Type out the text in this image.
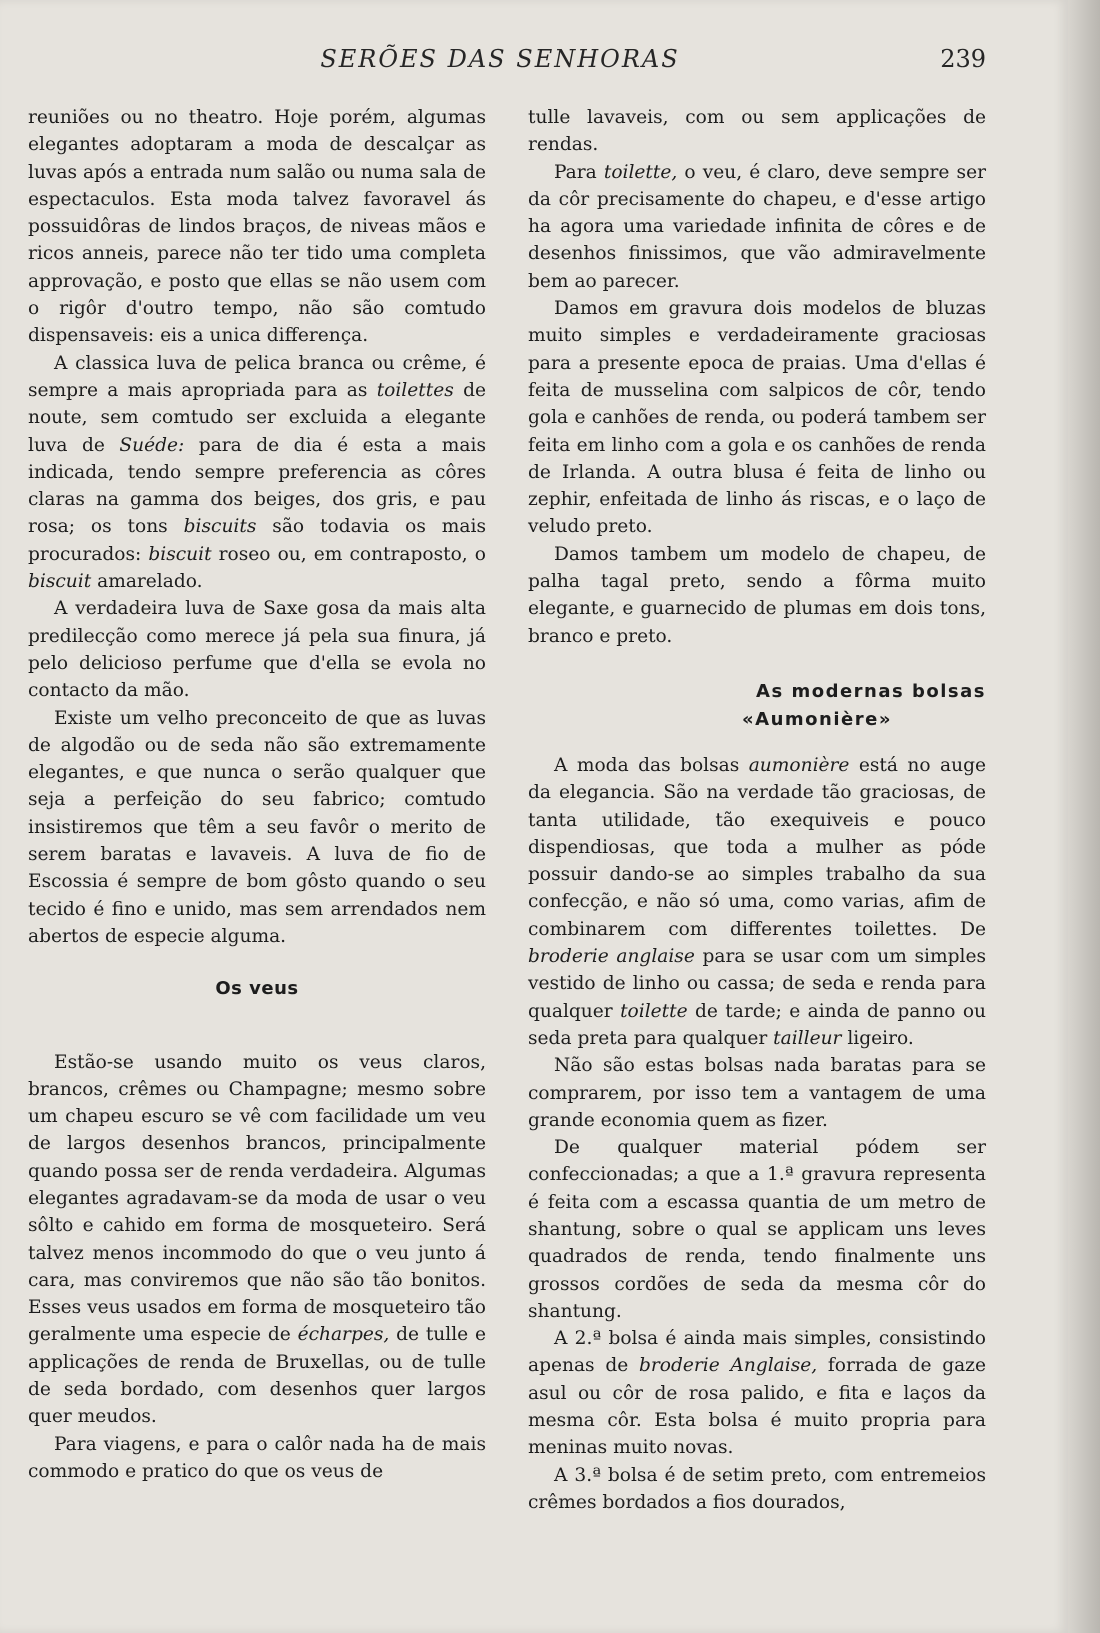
SERÕES DAS SENHORAS	239

reuniões ou no theatro. Hoje porém, algumas elegantes adoptaram a moda de descalçar as luvas após a entrada num salão ou numa sala de espectaculos. Esta moda talvez favoravel ás possuidôras de lindos braços, de niveas mãos e ricos anneis, parece não ter tido uma completa approvação, e posto que ellas se não usem com o rigôr d'outro tempo, não são comtudo dispensaveis: eis a unica differença.

A classica luva de pelica branca ou crême, é sempre a mais apropriada para as toilettes de noute, sem comtudo ser excluida a elegante luva de Suéde: para de dia é esta a mais indicada, tendo sempre preferencia as côres claras na gamma dos beiges, dos gris, e pau rosa; os tons biscuits são todavia os mais procurados: biscuit roseo ou, em contraposto, o biscuit amarelado.

A verdadeira luva de Saxe gosa da mais alta predilecção como merece já pela sua finura, já pelo delicioso perfume que d'ella se evola no contacto da mão.

Existe um velho preconceito de que as luvas de algodão ou de seda não são extremamente elegantes, e que nunca o serão qualquer que seja a perfeição do seu fabrico; comtudo insistiremos que têm a seu favôr o merito de serem baratas e lavaveis. A luva de fio de Escossia é sempre de bom gôsto quando o seu tecido é fino e unido, mas sem arrendados nem abertos de especie alguma.

Os veus

Estão-se usando muito os veus claros, brancos, crêmes ou Champagne; mesmo sobre um chapeu escuro se vê com facilidade um veu de largos desenhos brancos, principalmente quando possa ser de renda verdadeira. Algumas elegantes agradavam-se da moda de usar o veu sôlto e cahido em forma de mosqueteiro. Será talvez menos incommodo do que o veu junto á cara, mas conviremos que não são tão bonitos. Esses veus usados em forma de mosqueteiro tão geralmente uma especie de écharpes, de tulle e applicações de renda de Bruxellas, ou de tulle de seda bordado, com desenhos quer largos quer meudos.

Para viagens, e para o calôr nada ha de mais commodo e pratico do que os veus de

tulle lavaveis, com ou sem applicações de rendas.

Para toilette, o veu, é claro, deve sempre ser da côr precisamente do chapeu, e d'esse artigo ha agora uma variedade infinita de côres e de desenhos finissimos, que vão admiravelmente bem ao parecer.

Damos em gravura dois modelos de bluzas muito simples e verdadeiramente graciosas para a presente epoca de praias. Uma d'ellas é feita de musselina com salpicos de côr, tendo gola e canhões de renda, ou poderá tambem ser feita em linho com a gola e os canhões de renda de Irlanda. A outra blusa é feita de linho ou zephir, enfeitada de linho ás riscas, e o laço de veludo preto.

Damos tambem um modelo de chapeu, de palha tagal preto, sendo a fôrma muito elegante, e guarnecido de plumas em dois tons, branco e preto.

As modernas bolsas
«Aumonière»

A moda das bolsas aumonière está no auge da elegancia. São na verdade tão graciosas, de tanta utilidade, tão exequiveis e pouco dispendiosas, que toda a mulher as póde possuir dando-se ao simples trabalho da sua confecção, e não só uma, como varias, afim de combinarem com differentes toilettes. De broderie anglaise para se usar com um simples vestido de linho ou cassa; de seda e renda para qualquer toilette de tarde; e ainda de panno ou seda preta para qualquer tailleur ligeiro.

Não são estas bolsas nada baratas para se comprarem, por isso tem a vantagem de uma grande economia quem as fizer.

De qualquer material pódem ser confeccionadas; a que a 1.ª gravura representa é feita com a escassa quantia de um metro de shantung, sobre o qual se applicam uns leves quadrados de renda, tendo finalmente uns grossos cordões de seda da mesma côr do shantung.

A 2.ª bolsa é ainda mais simples, consistindo apenas de broderie Anglaise, forrada de gaze asul ou côr de rosa palido, e fita e laços da mesma côr. Esta bolsa é muito propria para meninas muito novas.

A 3.ª bolsa é de setim preto, com entremeios crêmes bordados a fios dourados,
